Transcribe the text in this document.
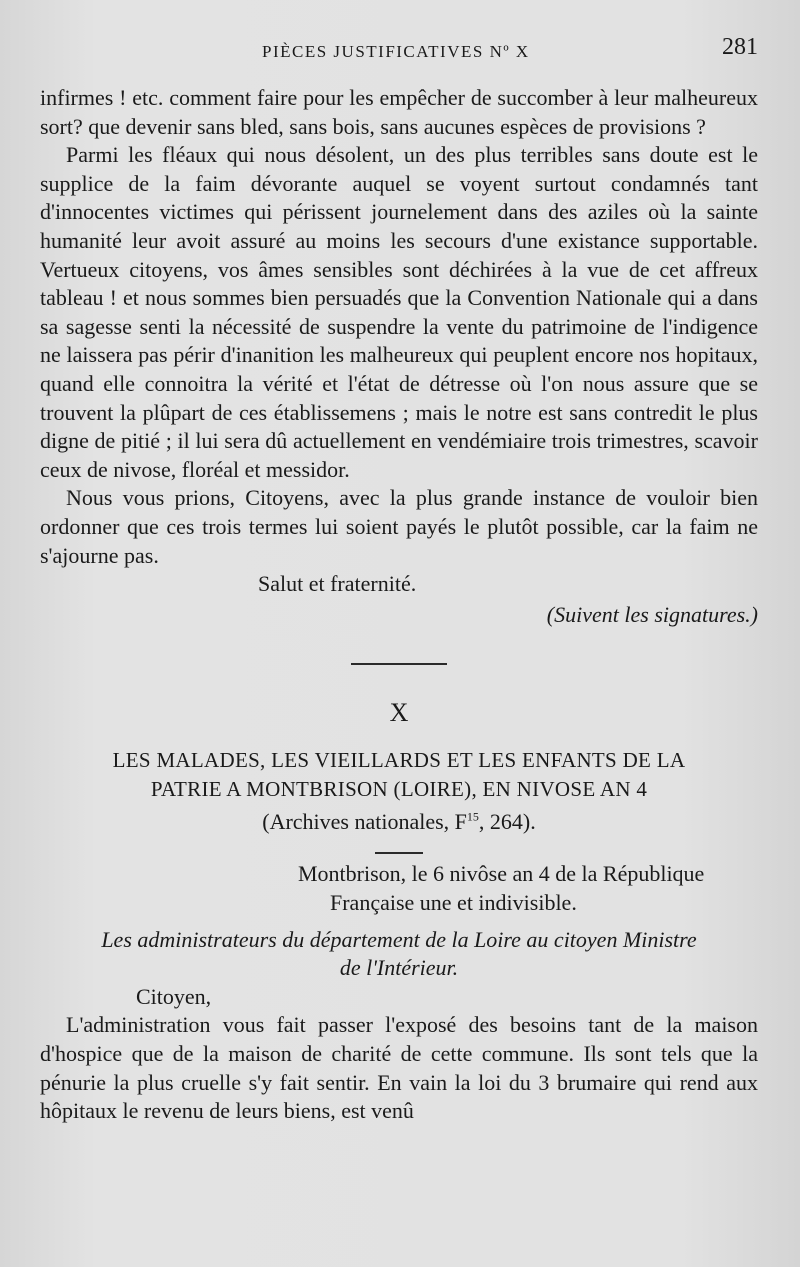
PIÈCES JUSTIFICATIVES Nº X	281

infirmes ! etc. comment faire pour les empêcher de succomber à leur malheureux sort? que devenir sans bled, sans bois, sans aucunes espèces de provisions ?

Parmi les fléaux qui nous désolent, un des plus terribles sans doute est le supplice de la faim dévorante auquel se voyent surtout condamnés tant d'innocentes victimes qui périssent journelement dans des aziles où la sainte humanité leur avoit assuré au moins les secours d'une existance supportable. Vertueux citoyens, vos âmes sensibles sont déchirées à la vue de cet affreux tableau ! et nous sommes bien persuadés que la Convention Nationale qui a dans sa sagesse senti la nécessité de suspendre la vente du patrimoine de l'indigence ne laissera pas périr d'inanition les malheureux qui peuplent encore nos hopitaux, quand elle connoitra la vérité et l'état de détresse où l'on nous assure que se trouvent la plûpart de ces établissemens ; mais le notre est sans contredit le plus digne de pitié ; il lui sera dû actuellement en vendémiaire trois trimestres, scavoir ceux de nivose, floréal et messidor.

Nous vous prions, Citoyens, avec la plus grande instance de vouloir bien ordonner que ces trois termes lui soient payés le plutôt possible, car la faim ne s'ajourne pas.

Salut et fraternité.

(Suivent les signatures.)

X

LES MALADES, LES VIEILLARDS ET LES ENFANTS DE LA
PATRIE A MONTBRISON (LOIRE), EN NIVOSE AN 4

(Archives nationales, $F^{15}$, 264).

Montbrison, le 6 nivôse an 4 de la République

Française une et indivisible.

Les administrateurs du département de la Loire au citoyen Ministre
de l'Intérieur.

Citoyen,

L'administration vous fait passer l'exposé des besoins tant de la maison d'hospice que de la maison de charité de cette commune. Ils sont tels que la pénurie la plus cruelle s'y fait sentir. En vain la loi du 3 brumaire qui rend aux hôpitaux le revenu de leurs biens, est venû
